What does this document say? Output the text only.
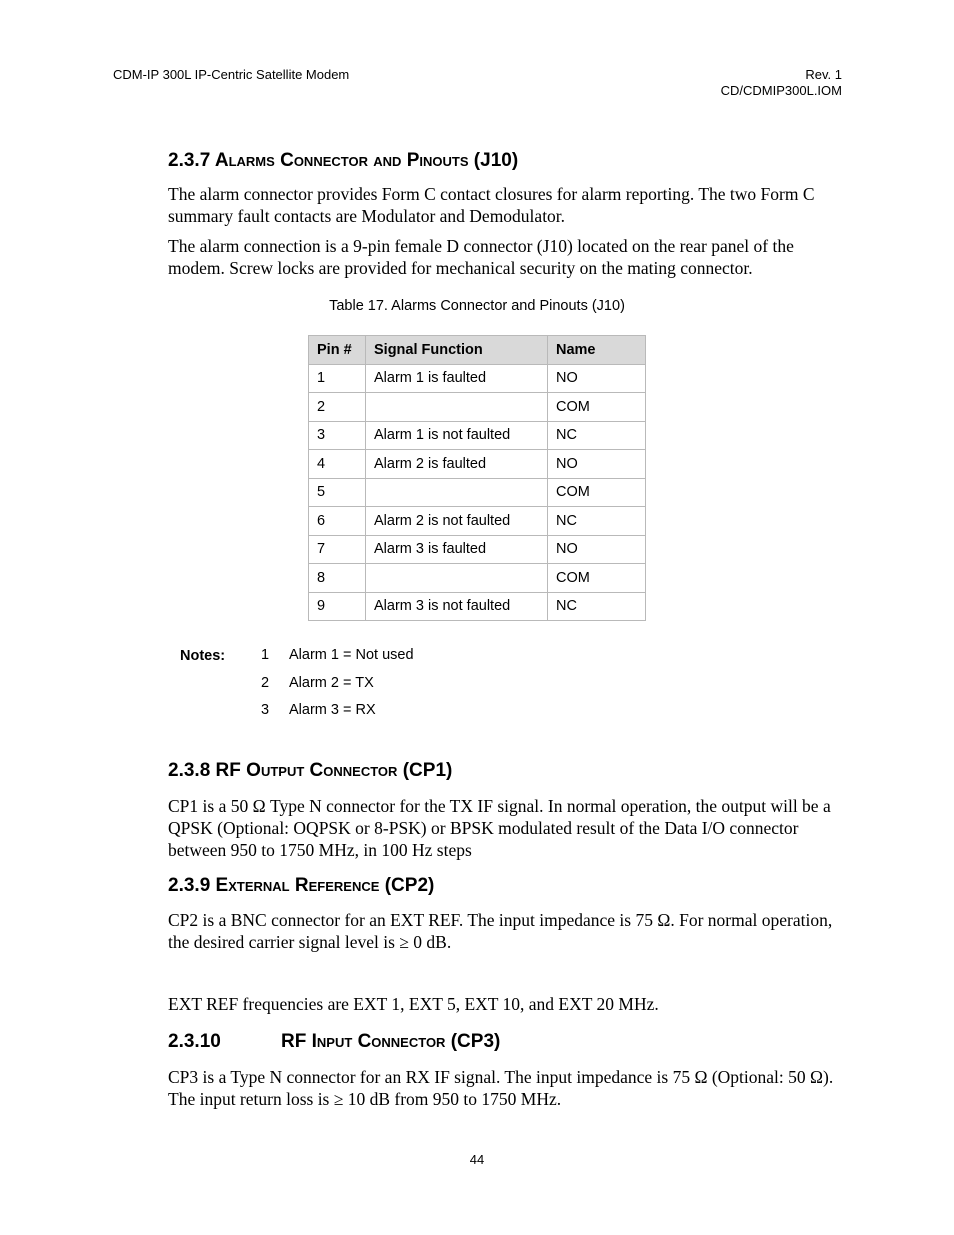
CDM-IP 300L IP-Centric Satellite Modem	Rev. 1
CD/CDMIP300L.IOM
2.3.7 Alarms Connector and Pinouts (J10)
The alarm connector provides Form C contact closures for alarm reporting. The two Form C summary fault contacts are Modulator and Demodulator.
The alarm connection is a 9-pin female D connector (J10) located on the rear panel of the modem. Screw locks are provided for mechanical security on the mating connector.
Table 17. Alarms Connector and Pinouts (J10)
Pin #	Signal Function	Name
1	Alarm 1 is faulted	NO
2		COM
3	Alarm 1 is not faulted	NC
4	Alarm 2 is faulted	NO
5		COM
6	Alarm 2 is not faulted	NC
7	Alarm 3 is faulted	NO
8		COM
9	Alarm 3 is not faulted	NC
Notes: 1 Alarm 1 = Not used
2 Alarm 2 = TX
3 Alarm 3 = RX
2.3.8 RF Output Connector (CP1)
CP1 is a 50 Ω Type N connector for the TX IF signal. In normal operation, the output will be a QPSK (Optional: OQPSK or 8-PSK) or BPSK modulated result of the Data I/O connector between 950 to 1750 MHz, in 100 Hz steps
2.3.9 External Reference (CP2)
CP2 is a BNC connector for an EXT REF. The input impedance is 75 Ω. For normal operation, the desired carrier signal level is ≥ 0 dB.
EXT REF frequencies are EXT 1, EXT 5, EXT 10, and EXT 20 MHz.
2.3.10	RF Input Connector (CP3)
CP3 is a Type N connector for an RX IF signal. The input impedance is 75 Ω (Optional: 50 Ω). The input return loss is ≥ 10 dB from 950 to 1750 MHz.
44
